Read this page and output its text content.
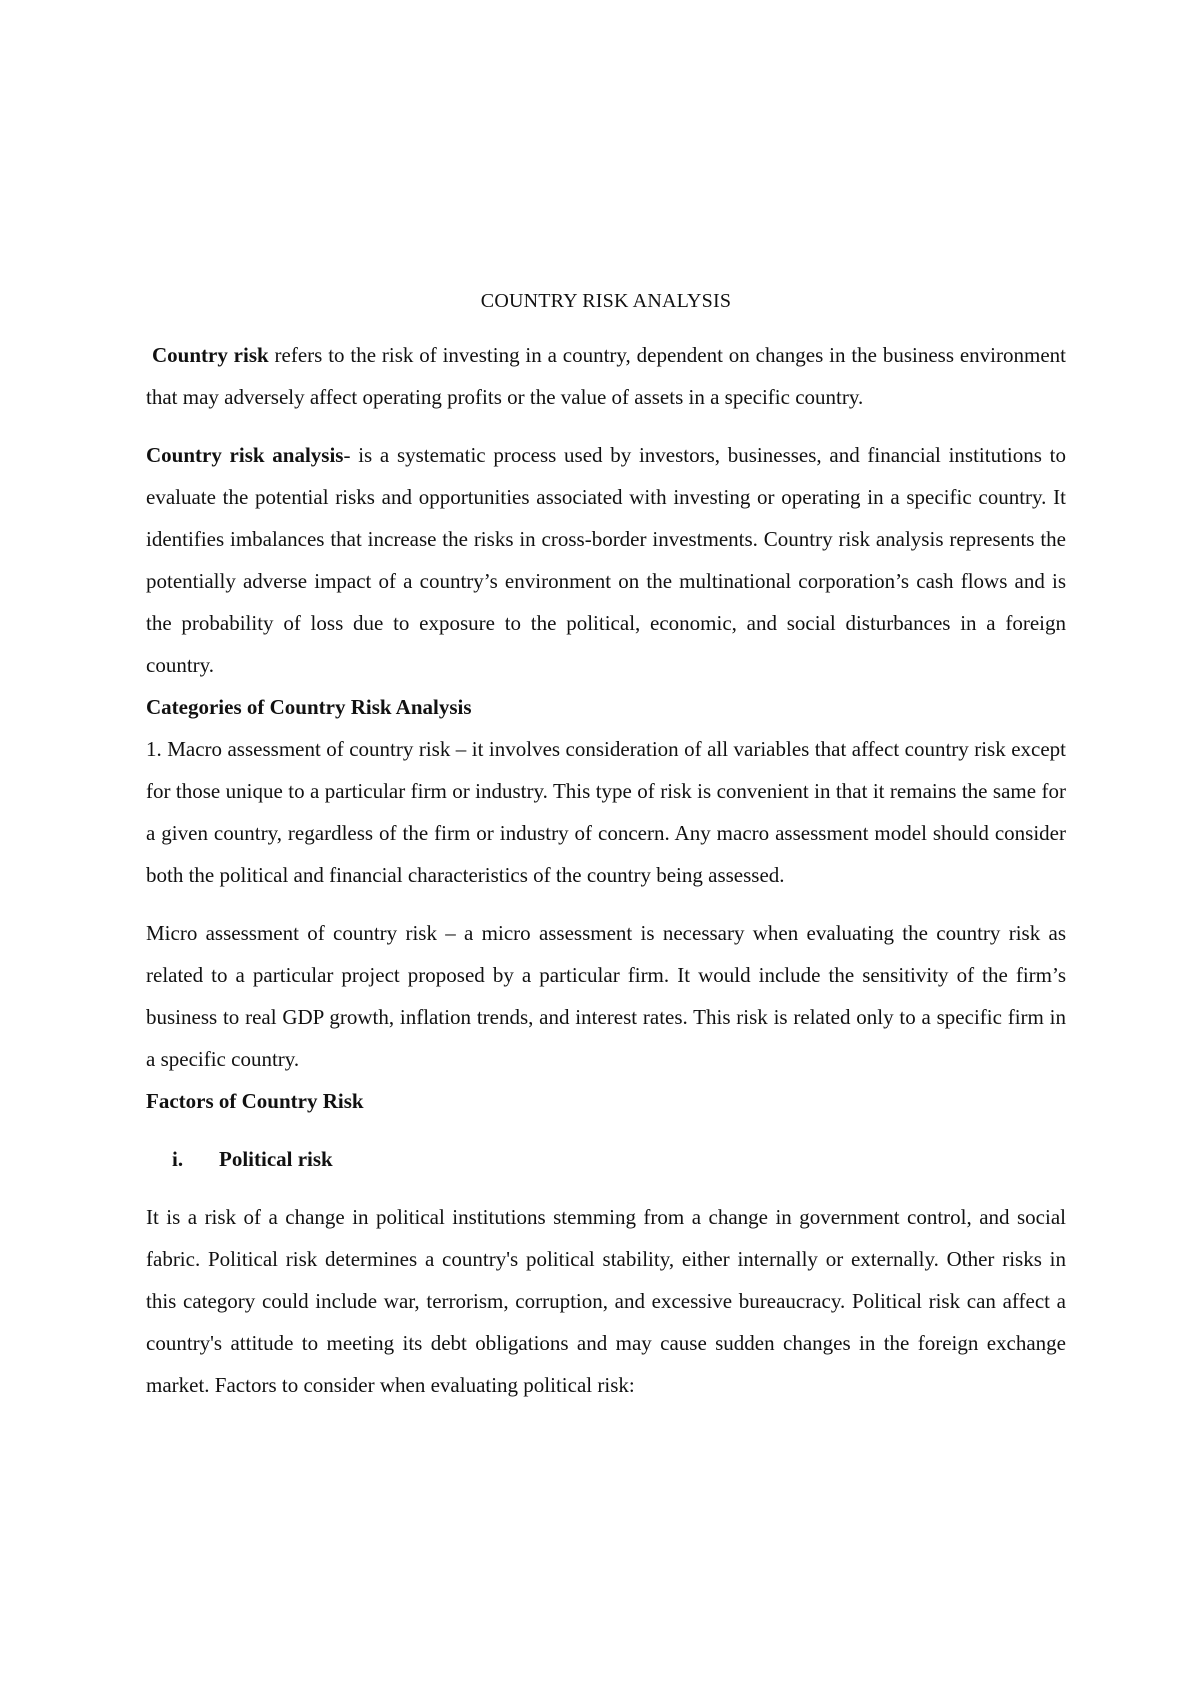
COUNTRY RISK ANALYSIS

Country risk refers to the risk of investing in a country, dependent on changes in the business environment that may adversely affect operating profits or the value of assets in a specific country.

Country risk analysis- is a systematic process used by investors, businesses, and financial institutions to evaluate the potential risks and opportunities associated with investing or operating in a specific country. It identifies imbalances that increase the risks in cross-border investments. Country risk analysis represents the potentially adverse impact of a country’s environment on the multinational corporation’s cash flows and is the probability of loss due to exposure to the political, economic, and social disturbances in a foreign country.

Categories of Country Risk Analysis

1. Macro assessment of country risk – it involves consideration of all variables that affect country risk except for those unique to a particular firm or industry. This type of risk is convenient in that it remains the same for a given country, regardless of the firm or industry of concern. Any macro assessment model should consider both the political and financial characteristics of the country being assessed.

Micro assessment of country risk – a micro assessment is necessary when evaluating the country risk as related to a particular project proposed by a particular firm. It would include the sensitivity of the firm’s business to real GDP growth, inflation trends, and interest rates. This risk is related only to a specific firm in a specific country.

Factors of Country Risk
i.	Political risk

It is a risk of a change in political institutions stemming from a change in government control, and social fabric. Political risk determines a country's political stability, either internally or externally. Other risks in this category could include war, terrorism, corruption, and excessive bureaucracy. Political risk can affect a country's attitude to meeting its debt obligations and may cause sudden changes in the foreign exchange market. Factors to consider when evaluating political risk:
